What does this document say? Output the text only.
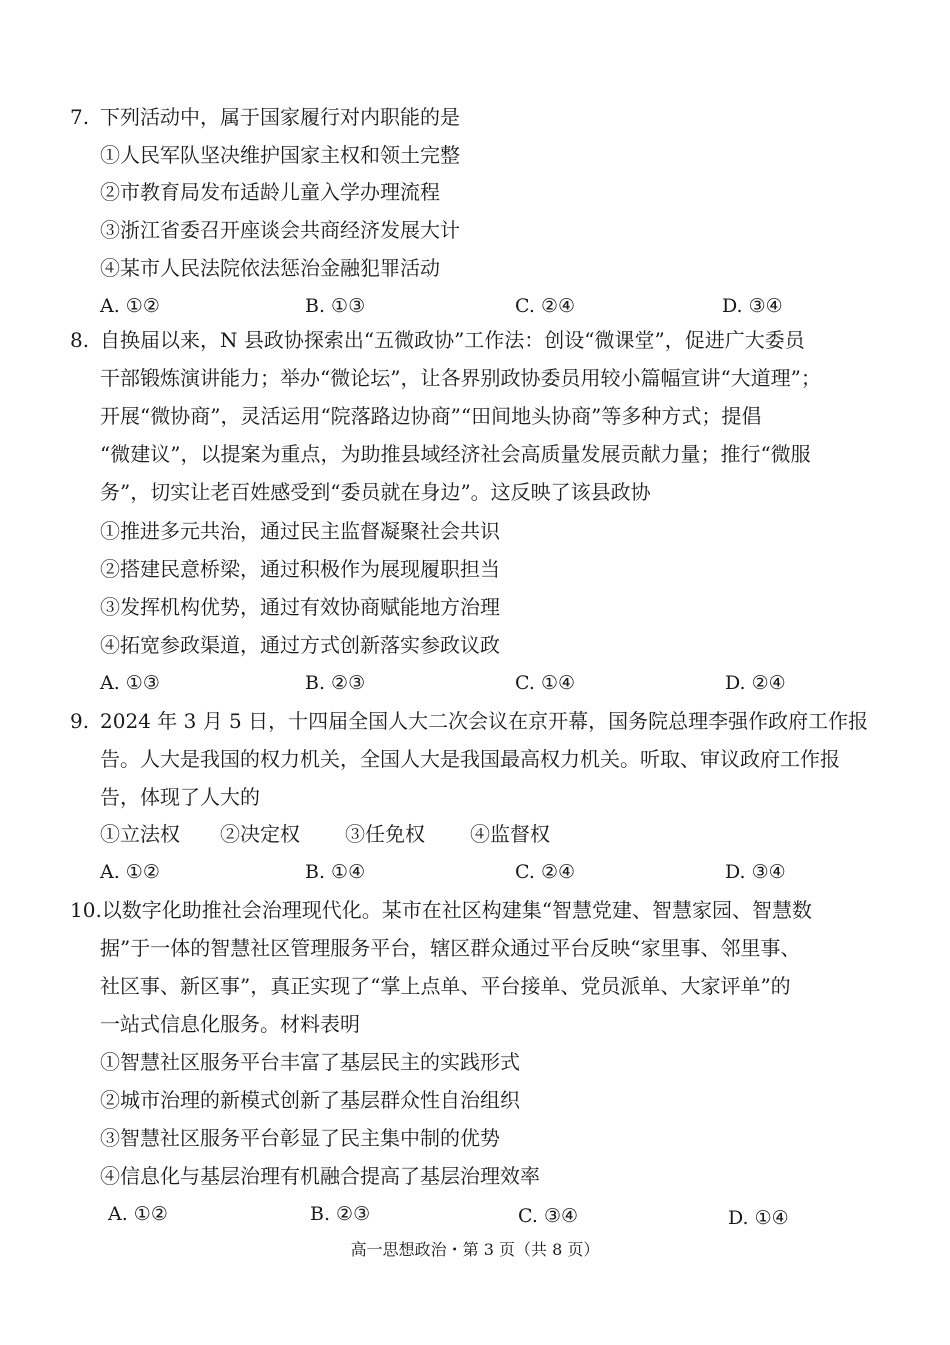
7. 下列活动中，属于国家履行对内职能的是
①人民军队坚决维护国家主权和领土完整
②市教育局发布适龄儿童入学办理流程
③浙江省委召开座谈会共商经济发展大计
④某市人民法院依法惩治金融犯罪活动
A. ①②	B. ①③	C. ②④	D. ③④
8. 自换届以来，N 县政协探索出“五微政协”工作法：创设“微课堂”，促进广大委员
干部锻炼演讲能力；举办“微论坛”，让各界别政协委员用较小篇幅宣讲“大道理”；
开展“微协商”，灵活运用“院落路边协商”“田间地头协商”等多种方式；提倡
“微建议”，以提案为重点，为助推县域经济社会高质量发展贡献力量；推行“微服
务”，切实让老百姓感受到“委员就在身边”。这反映了该县政协
①推进多元共治，通过民主监督凝聚社会共识
②搭建民意桥梁，通过积极作为展现履职担当
③发挥机构优势，通过有效协商赋能地方治理
④拓宽参政渠道，通过方式创新落实参政议政
A. ①③	B. ②③	C. ①④	D. ②④
9. 2024 年 3 月 5 日，十四届全国人大二次会议在京开幕，国务院总理李强作政府工作报
告。人大是我国的权力机关，全国人大是我国最高权力机关。听取、审议政府工作报
告，体现了人大的
①立法权 ②决定权 ③任免权 ④监督权
A. ①②	B. ①④	C. ②④	D. ③④
10.以数字化助推社会治理现代化。某市在社区构建集“智慧党建、智慧家园、智慧数
据”于一体的智慧社区管理服务平台，辖区群众通过平台反映“家里事、邻里事、
社区事、新区事”，真正实现了“掌上点单、平台接单、党员派单、大家评单”的
一站式信息化服务。材料表明
①智慧社区服务平台丰富了基层民主的实践形式
②城市治理的新模式创新了基层群众性自治组织
③智慧社区服务平台彰显了民主集中制的优势
④信息化与基层治理有机融合提高了基层治理效率
A. ①②	B. ②③	C. ③④	D. ①④
高一思想政治・第 3 页（共 8 页）
